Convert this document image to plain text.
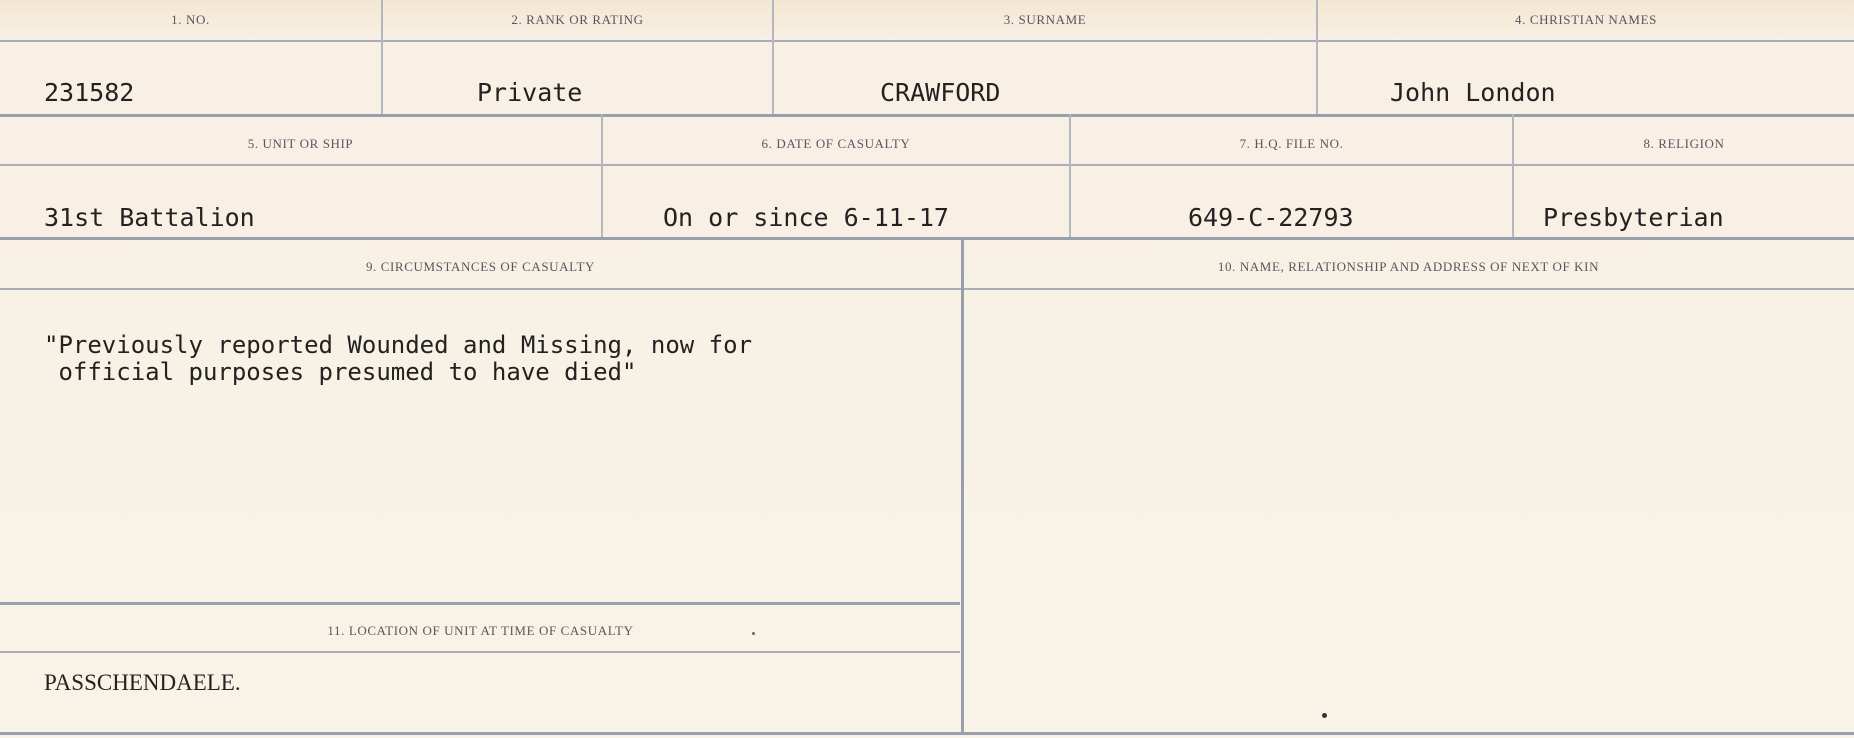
1. NO.	2. RANK OR RATING	3. SURNAME	4. CHRISTIAN NAMES
231582	Private	CRAWFORD	John London
5. UNIT OR SHIP	6. DATE OF CASUALTY	7. H.Q. FILE NO.	8. RELIGION
31st Battalion	On or since 6-11-17	649-C-22793	Presbyterian
9. CIRCUMSTANCES OF CASUALTY	10. NAME, RELATIONSHIP AND ADDRESS OF NEXT OF KIN
"Previously reported Wounded and Missing, now for
official purposes presumed to have died"
11. LOCATION OF UNIT AT TIME OF CASUALTY
PASSCHENDAELE.
